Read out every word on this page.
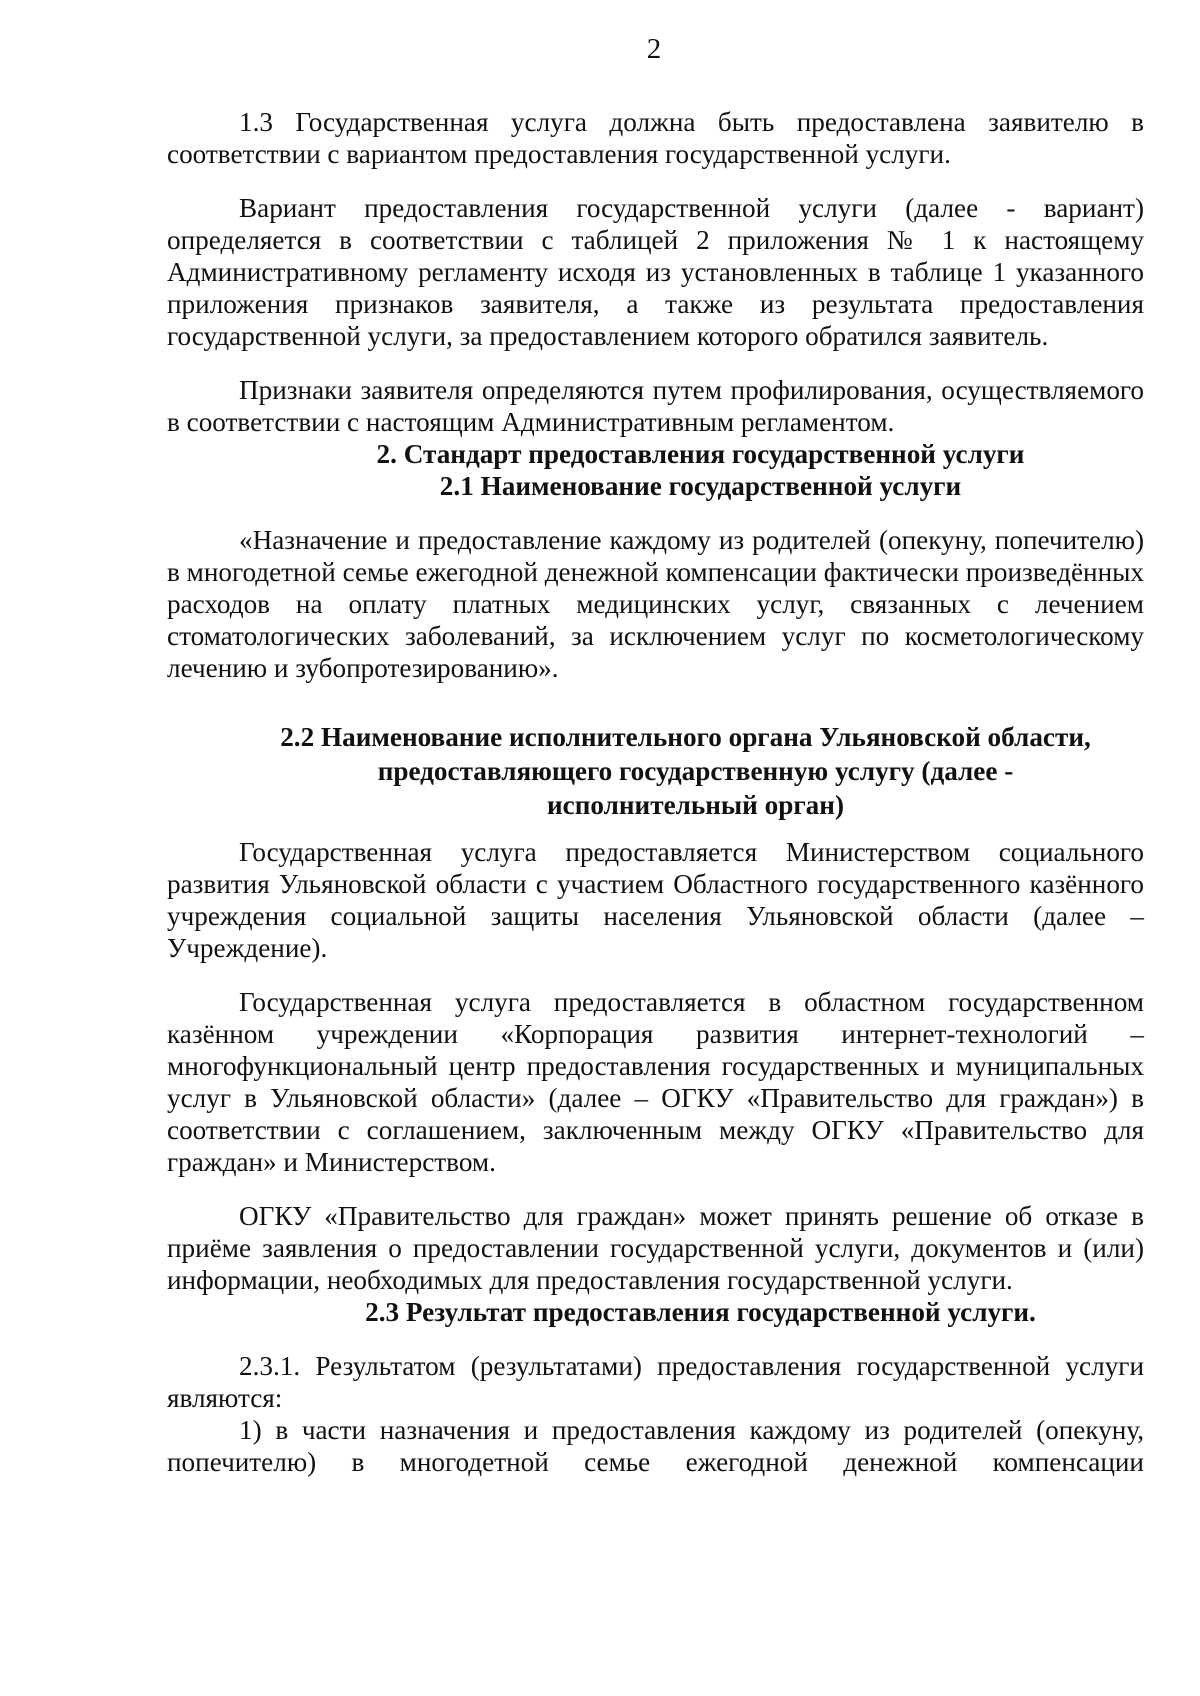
2

1.3 Государственная услуга должна быть предоставлена заявителю в соответствии с вариантом предоставления государственной услуги.

Вариант предоставления государственной услуги (далее - вариант) определяется в соответствии с таблицей 2 приложения № 1 к настоящему Административному регламенту исходя из установленных в таблице 1 указанного приложения признаков заявителя, а также из результата предоставления государственной услуги, за предоставлением которого обратился заявитель.

Признаки заявителя определяются путем профилирования, осуществляемого в соответствии с настоящим Административным регламентом.

2. Стандарт предоставления государственной услуги

2.1 Наименование государственной услуги

«Назначение и предоставление каждому из родителей (опекуну, попечителю) в многодетной семье ежегодной денежной компенсации фактически произведённых расходов на оплату платных медицинских услуг, связанных с лечением стоматологических заболеваний, за исключением услуг по косметологическому лечению и зубопротезированию».

2.2 Наименование исполнительного органа Ульяновской области,

предоставляющего государственную услугу (далее -

исполнительный орган)

Государственная услуга предоставляется Министерством социального развития Ульяновской области с участием Областного государственного казённого учреждения социальной защиты населения Ульяновской области (далее – Учреждение).

Государственная услуга предоставляется в областном государственном казённом учреждении «Корпорация развития интернет-технологий – многофункциональный центр предоставления государственных и муниципальных услуг в Ульяновской области» (далее – ОГКУ «Правительство для граждан») в соответствии с соглашением, заключенным между ОГКУ «Правительство для граждан» и Министерством.

ОГКУ «Правительство для граждан» может принять решение об отказе в приёме заявления о предоставлении государственной услуги, документов и (или) информации, необходимых для предоставления государственной услуги.

2.3 Результат предоставления государственной услуги.

2.3.1. Результатом (результатами) предоставления государственной услуги являются:

1) в части назначения и предоставления каждому из родителей (опекуну, попечителю) в многодетной семье ежегодной денежной компенсации
